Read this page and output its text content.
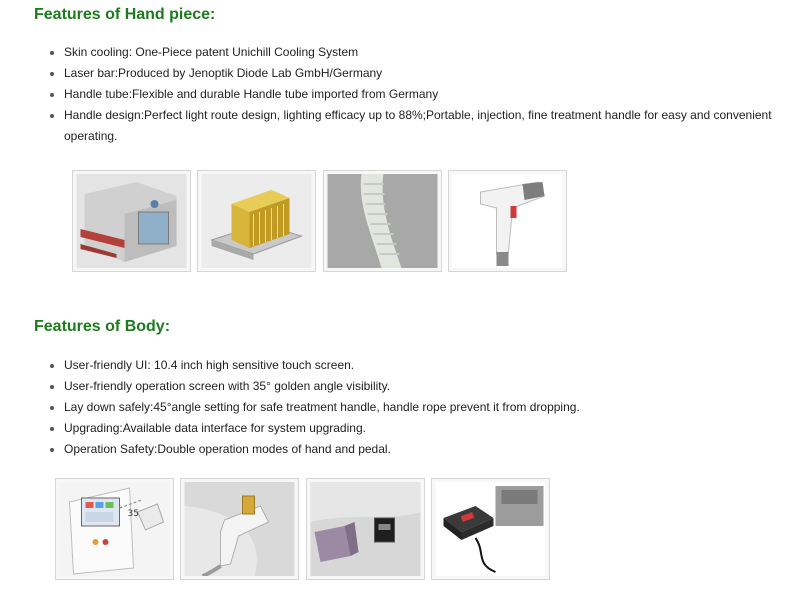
Features of Hand piece:
Skin cooling: One-Piece patent Unichill Cooling System
Laser bar:Produced by Jenoptik Diode Lab GmbH/Germany
Handle tube:Flexible and durable Handle tube imported from Germany
Handle design:Perfect light route design, lighting efficacy up to 88%;Portable, injection, fine treatment handle for easy and convenient operating.
Features of Body:
User-friendly UI: 10.4 inch high sensitive touch screen.
User-friendly operation screen with 35° golden angle visibility.
Lay down safely:45°angle setting for safe treatment handle, handle rope prevent it from dropping.
Upgrading:Available data interface for system upgrading.
Operation Safety:Double operation modes of hand and pedal.
35
